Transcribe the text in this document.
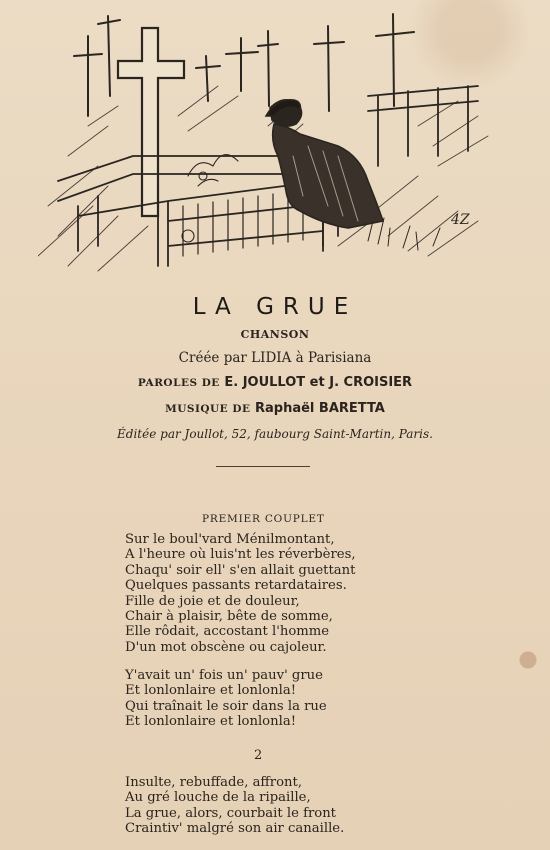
4Z
LA GRUE
CHANSON
Créée par LIDIA à Parisiana
PAROLES DE E. JOULLOT et J. CROISIER
MUSIQUE DE Raphaël BARETTA
Éditée par Joullot, 52, faubourg Saint-Martin, Paris.
PREMIER COUPLET
Sur le boul'vard Ménilmontant,
A l'heure où luis'nt les réverbères,
Chaqu' soir ell' s'en allait guettant
Quelques passants retardataires.
Fille de joie et de douleur,
Chair à plaisir, bête de somme,
Elle rôdait, accostant l'homme
D'un mot obscène ou cajoleur.
Y'avait un' fois un' pauv' grue
Et lonlonlaire et lonlonla!
Qui traînait le soir dans la rue
Et lonlonlaire et lonlonla!
2
Insulte, rebuffade, affront,
Au gré louche de la ripaille,
La grue, alors, courbait le front
Craintiv' malgré son air canaille.
